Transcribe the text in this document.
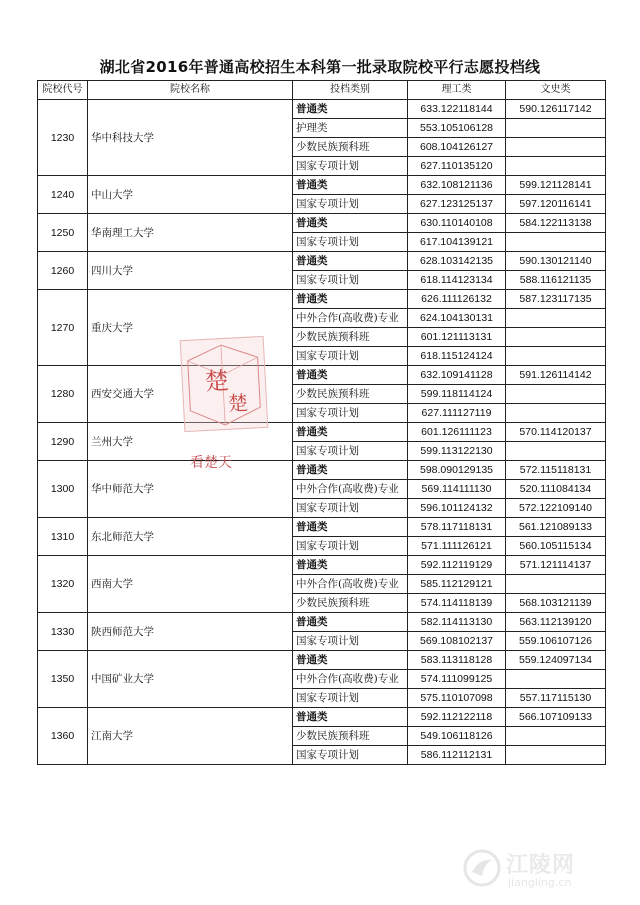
湖北省2016年普通高校招生本科第一批录取院校平行志愿投档线
院校代号	院校名称	投档类别	理工类	文史类
1230	华中科技大学	普通类	633.122118144	590.126117142
		护理类	553.105106128	
		少数民族预科班	608.104126127	
		国家专项计划	627.110135120	
1240	中山大学	普通类	632.108121136	599.121128141
		国家专项计划	627.123125137	597.120116141
1250	华南理工大学	普通类	630.110140108	584.122113138
		国家专项计划	617.104139121	
1260	四川大学	普通类	628.103142135	590.130121140
		国家专项计划	618.114123134	588.116121135
1270	重庆大学	普通类	626.111126132	587.123117135
		中外合作(高收费)专业	624.104130131	
		少数民族预科班	601.121113131	
		国家专项计划	618.115124124	
1280	西安交通大学	普通类	632.109141128	591.126114142
		少数民族预科班	599.118114124	
		国家专项计划	627.111127119	
1290	兰州大学	普通类	601.126111123	570.114120137
		国家专项计划	599.113122130	
1300	华中师范大学	普通类	598.090129135	572.115118131
		中外合作(高收费)专业	569.114111130	520.111084134
		国家专项计划	596.101124132	572.122109140
1310	东北师范大学	普通类	578.117118131	561.121089133
		国家专项计划	571.111126121	560.105115134
1320	西南大学	普通类	592.112119129	571.121114137
		中外合作(高收费)专业	585.112129121	
		少数民族预科班	574.114118139	568.103121139
1330	陕西师范大学	普通类	582.114113130	563.112139120
		国家专项计划	569.108102137	559.106107126
1350	中国矿业大学	普通类	583.113118128	559.124097134
		中外合作(高收费)专业	574.111099125	
		国家专项计划	575.110107098	557.117115130
1360	江南大学	普通类	592.112122118	566.107109133
		少数民族预科班	549.106118126	
		国家专项计划	586.112112131	
楚
楚
看楚天
江陵网
jiangling.cn
